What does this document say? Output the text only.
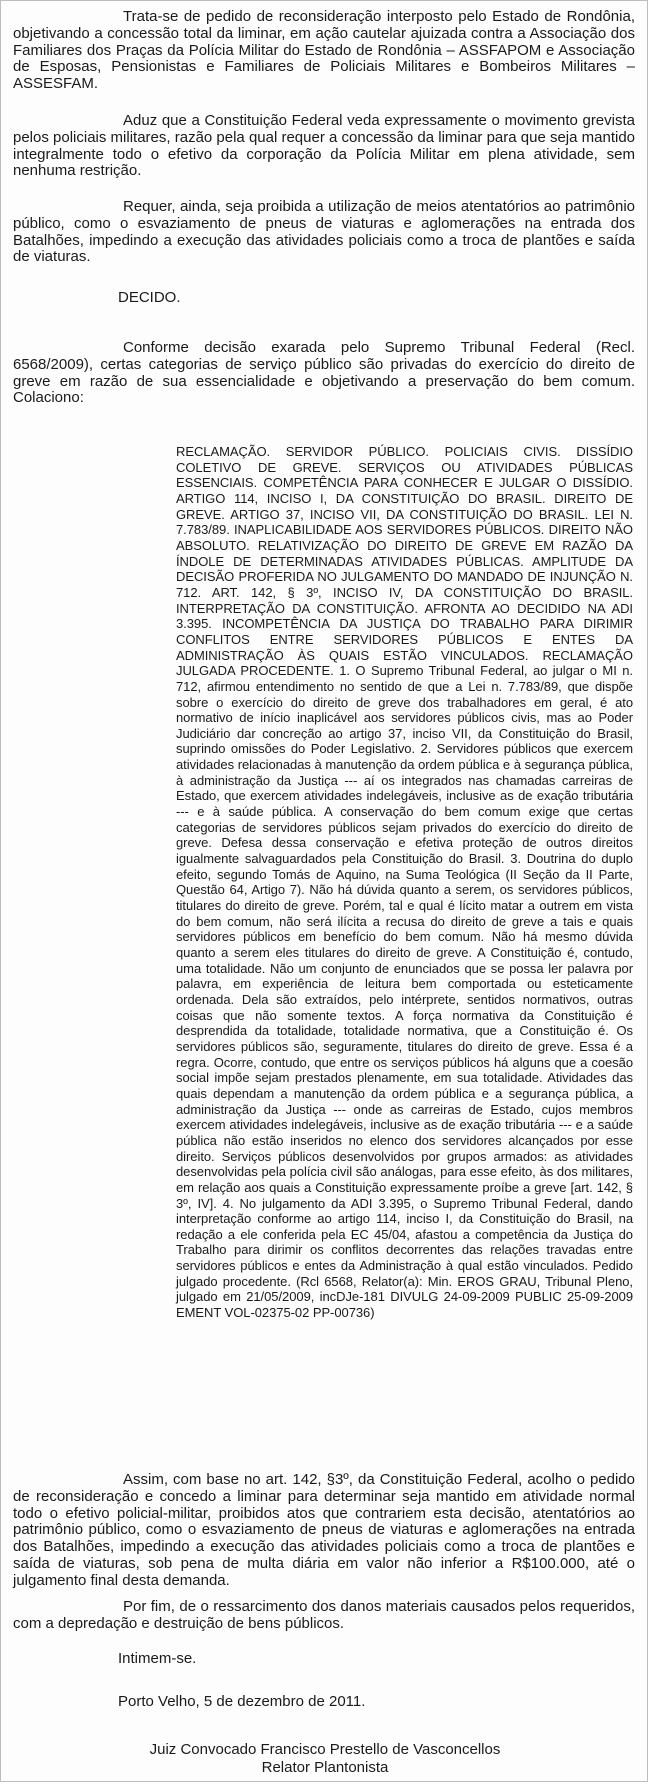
Trata-se de pedido de reconsideração interposto pelo Estado de Rondônia, objetivando a concessão total da liminar, em ação cautelar ajuizada contra a Associação dos Familiares dos Praças da Polícia Militar do Estado de Rondônia – ASSFAPOM e Associação de Esposas, Pensionistas e Familiares de Policiais Militares e Bombeiros Militares – ASSESFAM.

Aduz que a Constituição Federal veda expressamente o movimento grevista pelos policiais militares, razão pela qual requer a concessão da liminar para que seja mantido integralmente todo o efetivo da corporação da Polícia Militar em plena atividade, sem nenhuma restrição.

Requer, ainda, seja proibida a utilização de meios atentatórios ao patrimônio público, como o esvaziamento de pneus de viaturas e aglomerações na entrada dos Batalhões, impedindo a execução das atividades policiais como a troca de plantões e saída de viaturas.

DECIDO.

Conforme decisão exarada pelo Supremo Tribunal Federal (Recl. 6568/2009), certas categorias de serviço público são privadas do exercício do direito de greve em razão de sua essencialidade e objetivando a preservação do bem comum. Colaciono:

RECLAMAÇÃO. SERVIDOR PÚBLICO. POLICIAIS CIVIS. DISSÍDIO COLETIVO DE GREVE. SERVIÇOS OU ATIVIDADES PÚBLICAS ESSENCIAIS. COMPETÊNCIA PARA CONHECER E JULGAR O DISSÍDIO. ARTIGO 114, INCISO I, DA CONSTITUIÇÃO DO BRASIL. DIREITO DE GREVE. ARTIGO 37, INCISO VII, DA CONSTITUIÇÃO DO BRASIL. LEI N. 7.783/89. INAPLICABILIDADE AOS SERVIDORES PÚBLICOS. DIREITO NÃO ABSOLUTO. RELATIVIZAÇÃO DO DIREITO DE GREVE EM RAZÃO DA ÍNDOLE DE DETERMINADAS ATIVIDADES PÚBLICAS. AMPLITUDE DA DECISÃO PROFERIDA NO JULGAMENTO DO MANDADO DE INJUNÇÃO N. 712. ART. 142, § 3º, INCISO IV, DA CONSTITUIÇÃO DO BRASIL. INTERPRETAÇÃO DA CONSTITUIÇÃO. AFRONTA AO DECIDIDO NA ADI 3.395. INCOMPETÊNCIA DA JUSTIÇA DO TRABALHO PARA DIRIMIR CONFLITOS ENTRE SERVIDORES PÚBLICOS E ENTES DA ADMINISTRAÇÃO ÀS QUAIS ESTÃO VINCULADOS. RECLAMAÇÃO JULGADA PROCEDENTE. 1. O Supremo Tribunal Federal, ao julgar o MI n. 712, afirmou entendimento no sentido de que a Lei n. 7.783/89, que dispõe sobre o exercício do direito de greve dos trabalhadores em geral, é ato normativo de início inaplicável aos servidores públicos civis, mas ao Poder Judiciário dar concreção ao artigo 37, inciso VII, da Constituição do Brasil, suprindo omissões do Poder Legislativo. 2. Servidores públicos que exercem atividades relacionadas à manutenção da ordem pública e à segurança pública, à administração da Justiça --- aí os integrados nas chamadas carreiras de Estado, que exercem atividades indelegáveis, inclusive as de exação tributária --- e à saúde pública. A conservação do bem comum exige que certas categorias de servidores públicos sejam privados do exercício do direito de greve. Defesa dessa conservação e efetiva proteção de outros direitos igualmente salvaguardados pela Constituição do Brasil. 3. Doutrina do duplo efeito, segundo Tomás de Aquino, na Suma Teológica (II Seção da II Parte, Questão 64, Artigo 7). Não há dúvida quanto a serem, os servidores públicos, titulares do direito de greve. Porém, tal e qual é lícito matar a outrem em vista do bem comum, não será ilícita a recusa do direito de greve a tais e quais servidores públicos em benefício do bem comum. Não há mesmo dúvida quanto a serem eles titulares do direito de greve. A Constituição é, contudo, uma totalidade. Não um conjunto de enunciados que se possa ler palavra por palavra, em experiência de leitura bem comportada ou esteticamente ordenada. Dela são extraídos, pelo intérprete, sentidos normativos, outras coisas que não somente textos. A força normativa da Constituição é desprendida da totalidade, totalidade normativa, que a Constituição é. Os servidores públicos são, seguramente, titulares do direito de greve. Essa é a regra. Ocorre, contudo, que entre os serviços públicos há alguns que a coesão social impõe sejam prestados plenamente, em sua totalidade. Atividades das quais dependam a manutenção da ordem pública e a segurança pública, a administração da Justiça --- onde as carreiras de Estado, cujos membros exercem atividades indelegáveis, inclusive as de exação tributária --- e a saúde pública não estão inseridos no elenco dos servidores alcançados por esse direito. Serviços públicos desenvolvidos por grupos armados: as atividades desenvolvidas pela polícia civil são análogas, para esse efeito, às dos militares, em relação aos quais a Constituição expressamente proíbe a greve [art. 142, § 3º, IV]. 4. No julgamento da ADI 3.395, o Supremo Tribunal Federal, dando interpretação conforme ao artigo 114, inciso I, da Constituição do Brasil, na redação a ele conferida pela EC 45/04, afastou a competência da Justiça do Trabalho para dirimir os conflitos decorrentes das relações travadas entre servidores públicos e entes da Administração à qual estão vinculados. Pedido julgado procedente. (Rcl 6568, Relator(a): Min. EROS GRAU, Tribunal Pleno, julgado em 21/05/2009, incDJe-181 DIVULG 24-09-2009 PUBLIC 25-09-2009 EMENT VOL-02375-02 PP-00736)

Assim, com base no art. 142, §3º, da Constituição Federal, acolho o pedido de reconsideração e concedo a liminar para determinar seja mantido em atividade normal todo o efetivo policial-militar, proibidos atos que contrariem esta decisão, atentatórios ao patrimônio público, como o esvaziamento de pneus de viaturas e aglomerações na entrada dos Batalhões, impedindo a execução das atividades policiais como a troca de plantões e saída de viaturas, sob pena de multa diária em valor não inferior a R$100.000, até o julgamento final desta demanda.

Por fim, de o ressarcimento dos danos materiais causados pelos requeridos, com a depredação e destruição de bens públicos.

Intimem-se.

Porto Velho, 5 de dezembro de 2011.

Juiz Convocado Francisco Prestello de Vasconcellos

Relator Plantonista
